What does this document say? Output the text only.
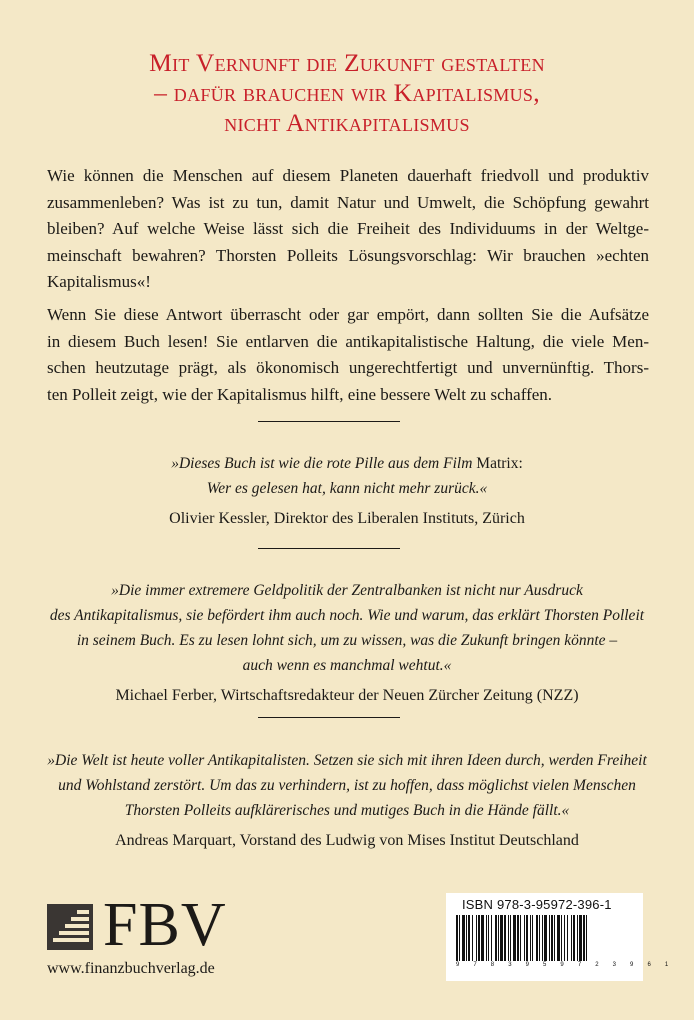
Mit Vernunft die Zukunft gestalten
– dafür brauchen wir Kapitalismus,
nicht Antikapitalismus

Wie können die Menschen auf diesem Planeten dauerhaft friedvoll und produktiv
zusammenleben? Was ist zu tun, damit Natur und Umwelt, die Schöpfung gewahrt
bleiben? Auf welche Weise lässt sich die Freiheit des Individuums in der Weltge-
meinschaft bewahren? Thorsten Polleits Lösungsvorschlag: Wir brauchen »echten
Kapitalismus«!

Wenn Sie diese Antwort überrascht oder gar empört, dann sollten Sie die Aufsätze
in diesem Buch lesen! Sie entlarven die antikapitalistische Haltung, die viele Men-
schen heutzutage prägt, als ökonomisch ungerechtfertigt und unvernünftig. Thors-
ten Polleit zeigt, wie der Kapitalismus hilft, eine bessere Welt zu schaffen.

»Dieses Buch ist wie die rote Pille aus dem Film Matrix:
Wer es gelesen hat, kann nicht mehr zurück.«
Olivier Kessler, Direktor des Liberalen Instituts, Zürich
»Die immer extremere Geldpolitik der Zentralbanken ist nicht nur Ausdruck
des Antikapitalismus, sie befördert ihm auch noch. Wie und warum, das erklärt Thorsten Polleit
in seinem Buch. Es zu lesen lohnt sich, um zu wissen, was die Zukunft bringen könnte –
auch wenn es manchmal wehtut.«
Michael Ferber, Wirtschaftsredakteur der Neuen Zürcher Zeitung (NZZ)
»Die Welt ist heute voller Antikapitalisten. Setzen sie sich mit ihren Ideen durch, werden Freiheit
und Wohlstand zerstört. Um das zu verhindern, ist zu hoffen, dass möglichst vielen Menschen
Thorsten Polleits aufklärerisches und mutiges Buch in die Hände fällt.«
Andreas Marquart, Vorstand des Ludwig von Mises Institut Deutschland
FBV
www.finanzbuchverlag.de
ISBN 978-3-95972-396-1
9 7 8 3 9 5 9 7 2 3 9 6 1
